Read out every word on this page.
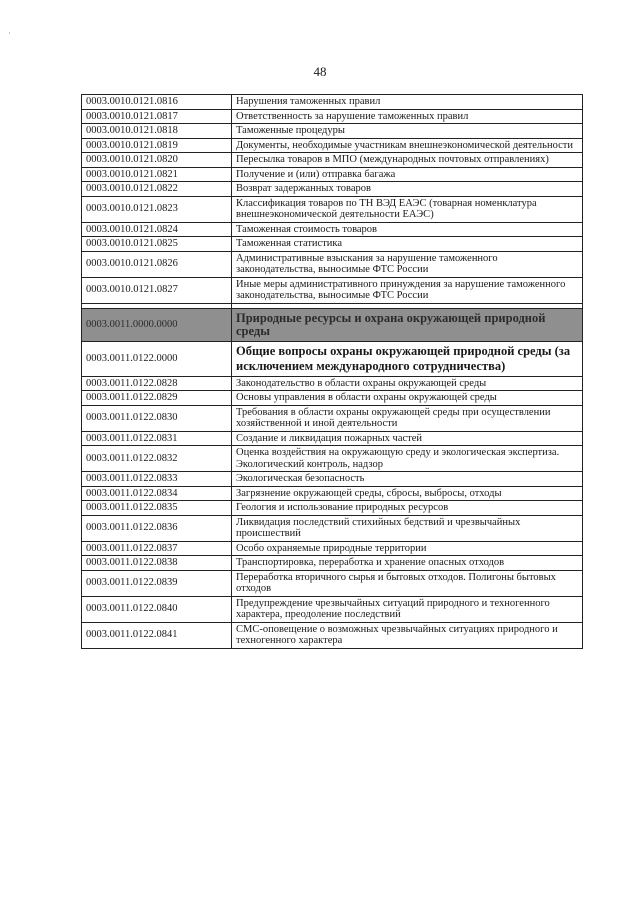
·
48
0003.0010.0121.0816	Нарушения таможенных правил
0003.0010.0121.0817	Ответственность за нарушение таможенных правил
0003.0010.0121.0818	Таможенные процедуры
0003.0010.0121.0819	Документы, необходимые участникам внешнеэкономической деятельности
0003.0010.0121.0820	Пересылка товаров в МПО (международных почтовых отправлениях)
0003.0010.0121.0821	Получение и (или) отправка багажа
0003.0010.0121.0822	Возврат задержанных товаров
0003.0010.0121.0823	Классификация товаров по ТН ВЭД ЕАЭС (товарная номенклатура внешнеэкономической деятельности ЕАЭС)
0003.0010.0121.0824	Таможенная стоимость товаров
0003.0010.0121.0825	Таможенная статистика
0003.0010.0121.0826	Административные взыскания за нарушение таможенного законодательства, выносимые ФТС России
0003.0010.0121.0827	Иные меры административного принуждения за нарушение таможенного законодательства, выносимые ФТС России

0003.0011.0000.0000	Природные ресурсы и охрана окружающей природной среды
0003.0011.0122.0000	Общие вопросы охраны окружающей природной среды (за исключением международного сотрудничества)
0003.0011.0122.0828	Законодательство в области охраны окружающей среды
0003.0011.0122.0829	Основы управления в области охраны окружающей среды
0003.0011.0122.0830	Требования в области охраны окружающей среды при осуществлении хозяйственной и иной деятельности
0003.0011.0122.0831	Создание и ликвидация пожарных частей
0003.0011.0122.0832	Оценка воздействия на окружающую среду и экологическая экспертиза. Экологический контроль, надзор
0003.0011.0122.0833	Экологическая безопасность
0003.0011.0122.0834	Загрязнение окружающей среды, сбросы, выбросы, отходы
0003.0011.0122.0835	Геология и использование природных ресурсов
0003.0011.0122.0836	Ликвидация последствий стихийных бедствий и чрезвычайных происшествий
0003.0011.0122.0837	Особо охраняемые природные территории
0003.0011.0122.0838	Транспортировка, переработка и хранение опасных отходов
0003.0011.0122.0839	Переработка вторичного сырья и бытовых отходов. Полигоны бытовых отходов
0003.0011.0122.0840	Предупреждение чрезвычайных ситуаций природного и техногенного характера, преодоление последствий
0003.0011.0122.0841	СМС-оповещение о возможных чрезвычайных ситуациях природного и техногенного характера
